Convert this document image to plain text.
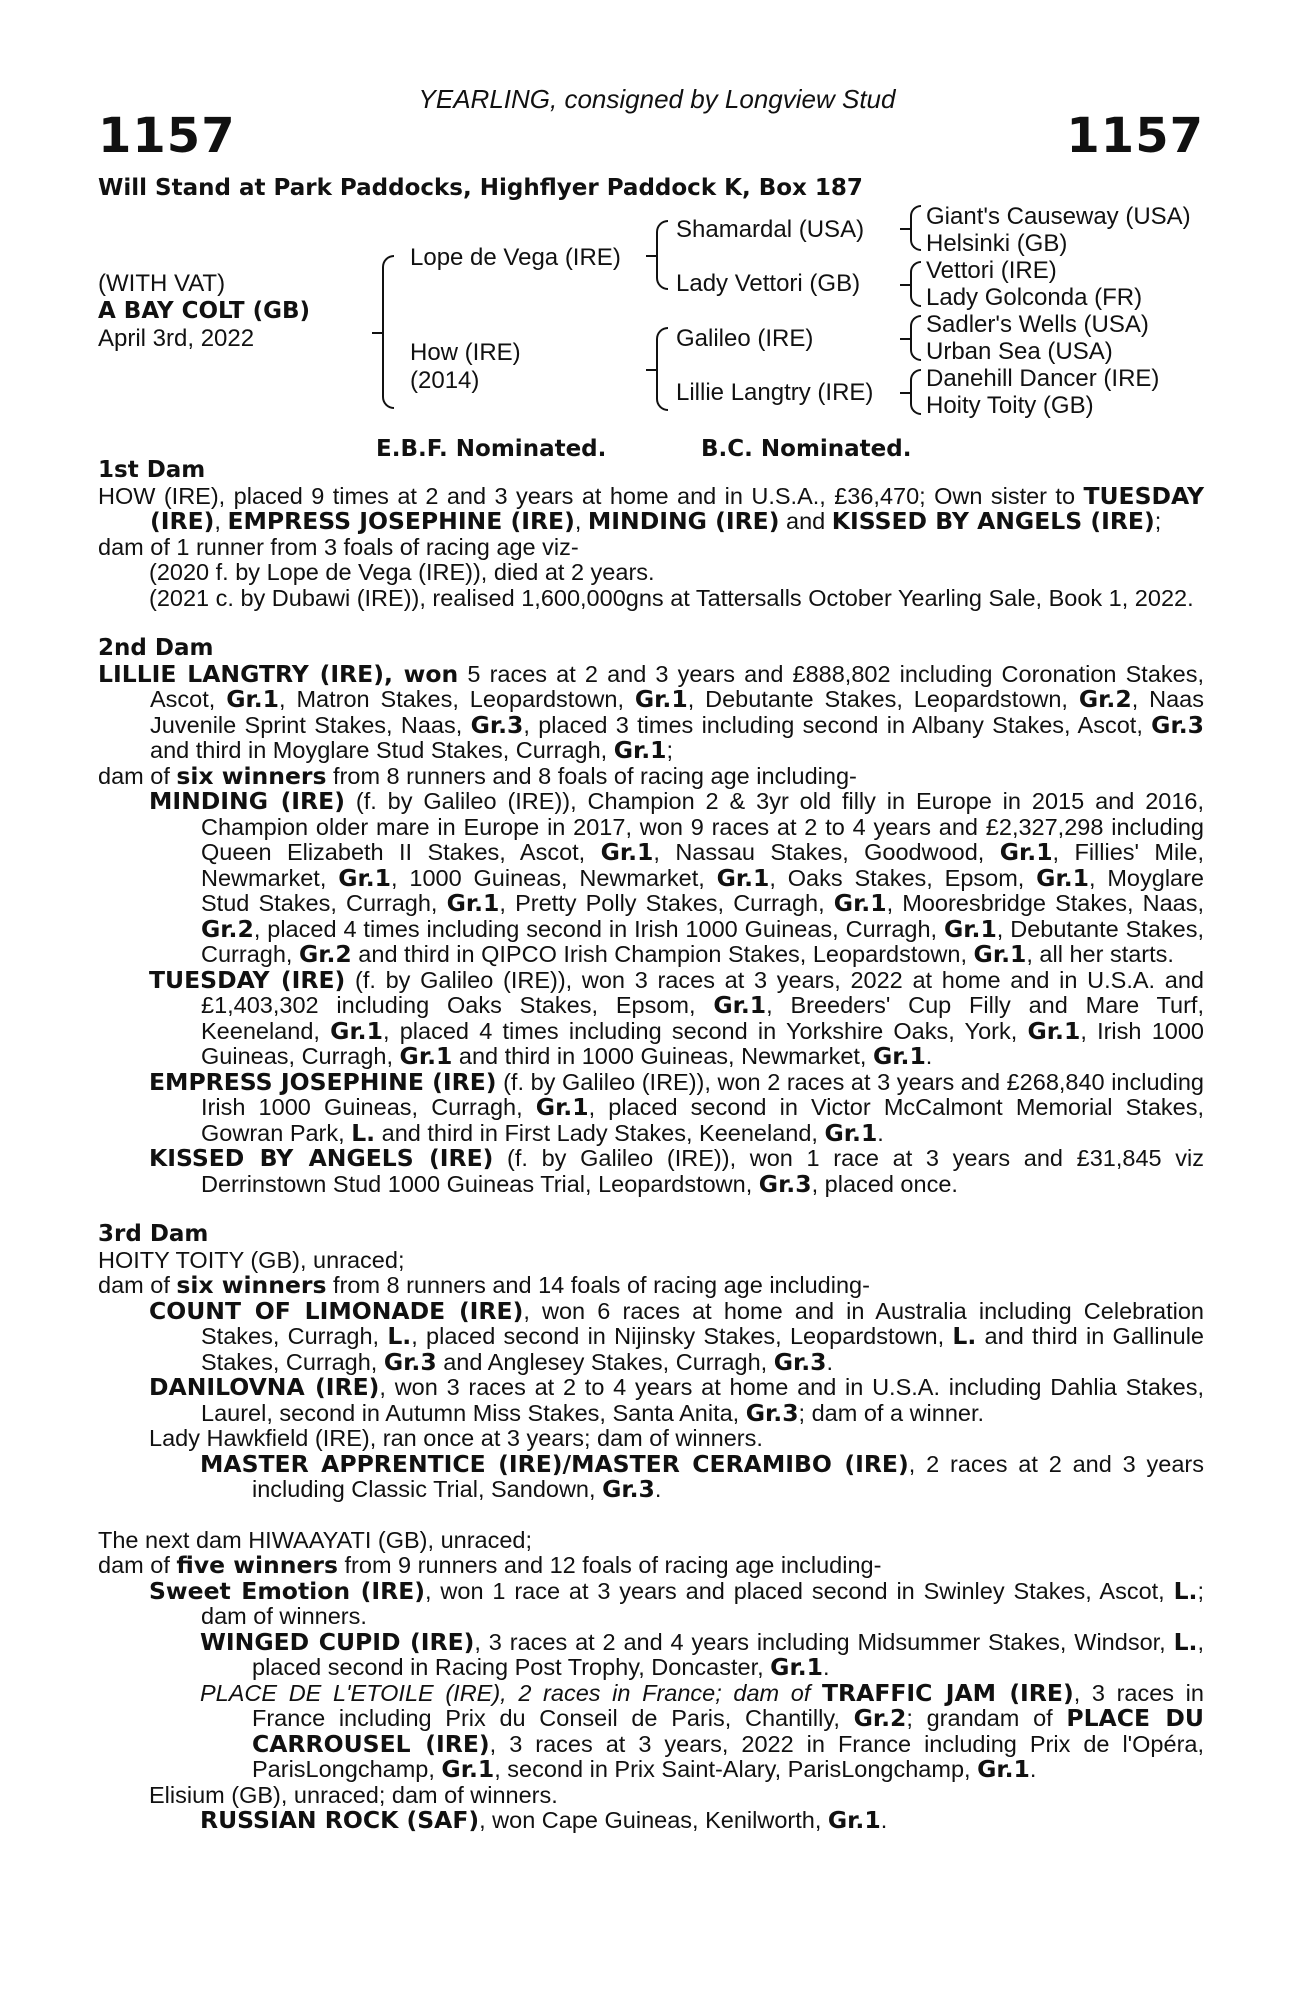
YEARLING, consigned by Longview Stud
1157	1157
Will Stand at Park Paddocks, Highflyer Paddock K, Box 187
(WITH VAT)
A BAY COLT (GB)
April 3rd, 2022
Lope de Vega (IRE)
How (IRE)
(2014)
Shamardal (USA)
Lady Vettori (GB)
Galileo (IRE)
Lillie Langtry (IRE)
Giant's Causeway (USA)
Helsinki (GB)
Vettori (IRE)
Lady Golconda (FR)
Sadler's Wells (USA)
Urban Sea (USA)
Danehill Dancer (IRE)
Hoity Toity (GB)
E.B.F. Nominated.	B.C. Nominated.
1st Dam

HOW (IRE), placed 9 times at 2 and 3 years at home and in U.S.A., £36,470; Own sister to TUESDAY (IRE), EMPRESS JOSEPHINE (IRE), MINDING (IRE) and KISSED BY ANGELS (IRE);

dam of 1 runner from 3 foals of racing age viz-

(2020 f. by Lope de Vega (IRE)), died at 2 years.

(2021 c. by Dubawi (IRE)), realised 1,600,000gns at Tattersalls October Yearling Sale, Book 1, 2022.

2nd Dam

LILLIE LANGTRY (IRE), won 5 races at 2 and 3 years and £888,802 including Coronation Stakes, Ascot, Gr.1, Matron Stakes, Leopardstown, Gr.1, Debutante Stakes, Leopardstown, Gr.2, Naas Juvenile Sprint Stakes, Naas, Gr.3, placed 3 times including second in Albany Stakes, Ascot, Gr.3 and third in Moyglare Stud Stakes, Curragh, Gr.1;

dam of six winners from 8 runners and 8 foals of racing age including-

MINDING (IRE) (f. by Galileo (IRE)), Champion 2 & 3yr old filly in Europe in 2015 and 2016, Champion older mare in Europe in 2017, won 9 races at 2 to 4 years and £2,327,298 including Queen Elizabeth II Stakes, Ascot, Gr.1, Nassau Stakes, Goodwood, Gr.1, Fillies' Mile, Newmarket, Gr.1, 1000 Guineas, Newmarket, Gr.1, Oaks Stakes, Epsom, Gr.1, Moyglare Stud Stakes, Curragh, Gr.1, Pretty Polly Stakes, Curragh, Gr.1, Mooresbridge Stakes, Naas, Gr.2, placed 4 times including second in Irish 1000 Guineas, Curragh, Gr.1, Debutante Stakes, Curragh, Gr.2 and third in QIPCO Irish Champion Stakes, Leopardstown, Gr.1, all her starts.

TUESDAY (IRE) (f. by Galileo (IRE)), won 3 races at 3 years, 2022 at home and in U.S.A. and £1,403,302 including Oaks Stakes, Epsom, Gr.1, Breeders' Cup Filly and Mare Turf, Keeneland, Gr.1, placed 4 times including second in Yorkshire Oaks, York, Gr.1, Irish 1000 Guineas, Curragh, Gr.1 and third in 1000 Guineas, Newmarket, Gr.1.

EMPRESS JOSEPHINE (IRE) (f. by Galileo (IRE)), won 2 races at 3 years and £268,840 including Irish 1000 Guineas, Curragh, Gr.1, placed second in Victor McCalmont Memorial Stakes, Gowran Park, L. and third in First Lady Stakes, Keeneland, Gr.1.

KISSED BY ANGELS (IRE) (f. by Galileo (IRE)), won 1 race at 3 years and £31,845 viz Derrinstown Stud 1000 Guineas Trial, Leopardstown, Gr.3, placed once.

3rd Dam

HOITY TOITY (GB), unraced;

dam of six winners from 8 runners and 14 foals of racing age including-

COUNT OF LIMONADE (IRE), won 6 races at home and in Australia including Celebration Stakes, Curragh, L., placed second in Nijinsky Stakes, Leopardstown, L. and third in Gallinule Stakes, Curragh, Gr.3 and Anglesey Stakes, Curragh, Gr.3.

DANILOVNA (IRE), won 3 races at 2 to 4 years at home and in U.S.A. including Dahlia Stakes, Laurel, second in Autumn Miss Stakes, Santa Anita, Gr.3; dam of a winner.

Lady Hawkfield (IRE), ran once at 3 years; dam of winners.

MASTER APPRENTICE (IRE)/MASTER CERAMIBO (IRE), 2 races at 2 and 3 years including Classic Trial, Sandown, Gr.3.

The next dam HIWAAYATI (GB), unraced;

dam of five winners from 9 runners and 12 foals of racing age including-

Sweet Emotion (IRE), won 1 race at 3 years and placed second in Swinley Stakes, Ascot, L.; dam of winners.

WINGED CUPID (IRE), 3 races at 2 and 4 years including Midsummer Stakes, Windsor, L., placed second in Racing Post Trophy, Doncaster, Gr.1.

PLACE DE L'ETOILE (IRE), 2 races in France; dam of TRAFFIC JAM (IRE), 3 races in France including Prix du Conseil de Paris, Chantilly, Gr.2; grandam of PLACE DU CARROUSEL (IRE), 3 races at 3 years, 2022 in France including Prix de l'Opéra, ParisLongchamp, Gr.1, second in Prix Saint-Alary, ParisLongchamp, Gr.1.

Elisium (GB), unraced; dam of winners.

RUSSIAN ROCK (SAF), won Cape Guineas, Kenilworth, Gr.1.
